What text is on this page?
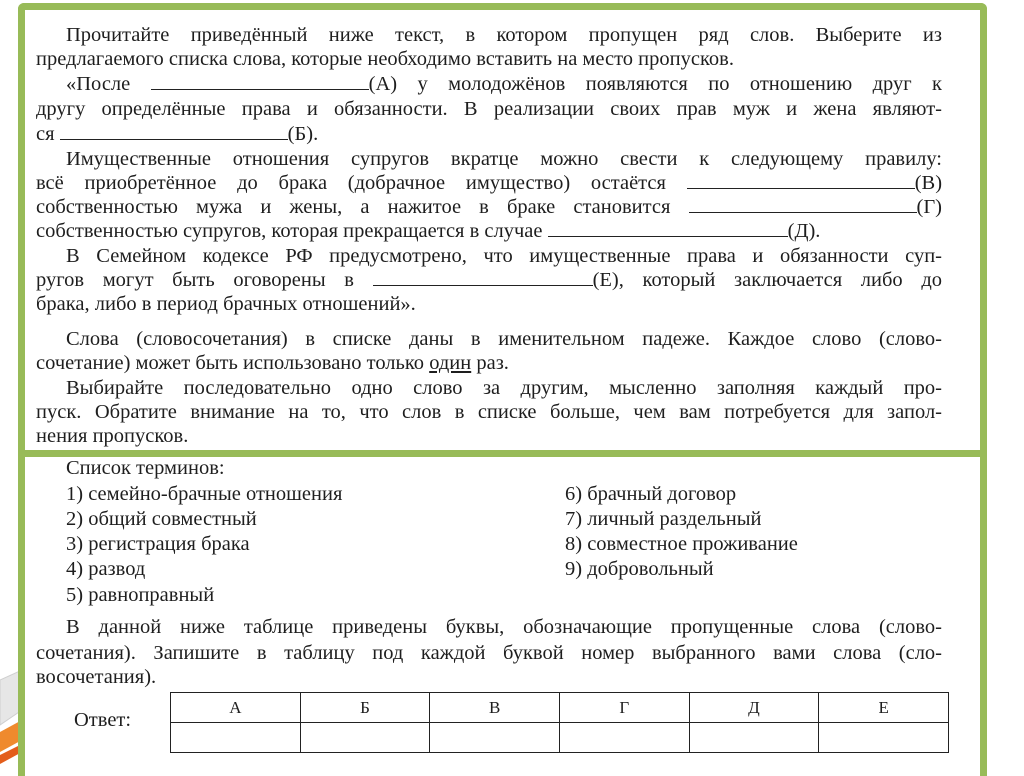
Прочитайте приведённый ниже текст, в котором пропущен ряд слов. Выберите из
предлагаемого списка слова, которые необходимо вставить на место пропусков.
«После	(А) у молодожёнов появляются по отношению друг к
другу определённые права и обязанности. В реализации своих прав муж и жена являют-
ся	(Б).
Имущественные отношения супругов вкратце можно свести к следующему правилу:
всё приобретённое до брака (добрачное имущество) остаётся	(В)
собственностью мужа и жены, а нажитое в браке становится	(Г)
собственностью супругов, которая прекращается в случае	(Д).
В Семейном кодексе РФ предусмотрено, что имущественные права и обязанности суп-
ругов могут быть оговорены в	(Е), который заключается либо до
брака, либо в период брачных отношений».
Слова (словосочетания) в списке даны в именительном падеже. Каждое слово (слово-
сочетание) может быть использовано только один раз.
Выбирайте последовательно одно слово за другим, мысленно заполняя каждый про-
пуск. Обратите внимание на то, что слов в списке больше, чем вам потребуется для запол-
нения пропусков.
Список терминов:
1) семейно-брачные отношения
2) общий совместный
3) регистрация брака
4) развод
5) равноправный
6) брачный договор
7) личный раздельный
8) совместное проживание
9) добровольный
В данной ниже таблице приведены буквы, обозначающие пропущенные слова (слово-
сочетания). Запишите в таблицу под каждой буквой номер выбранного вами слова (сло-
восочетания).
Ответ:
А	Б	В	Г	Д	Е
